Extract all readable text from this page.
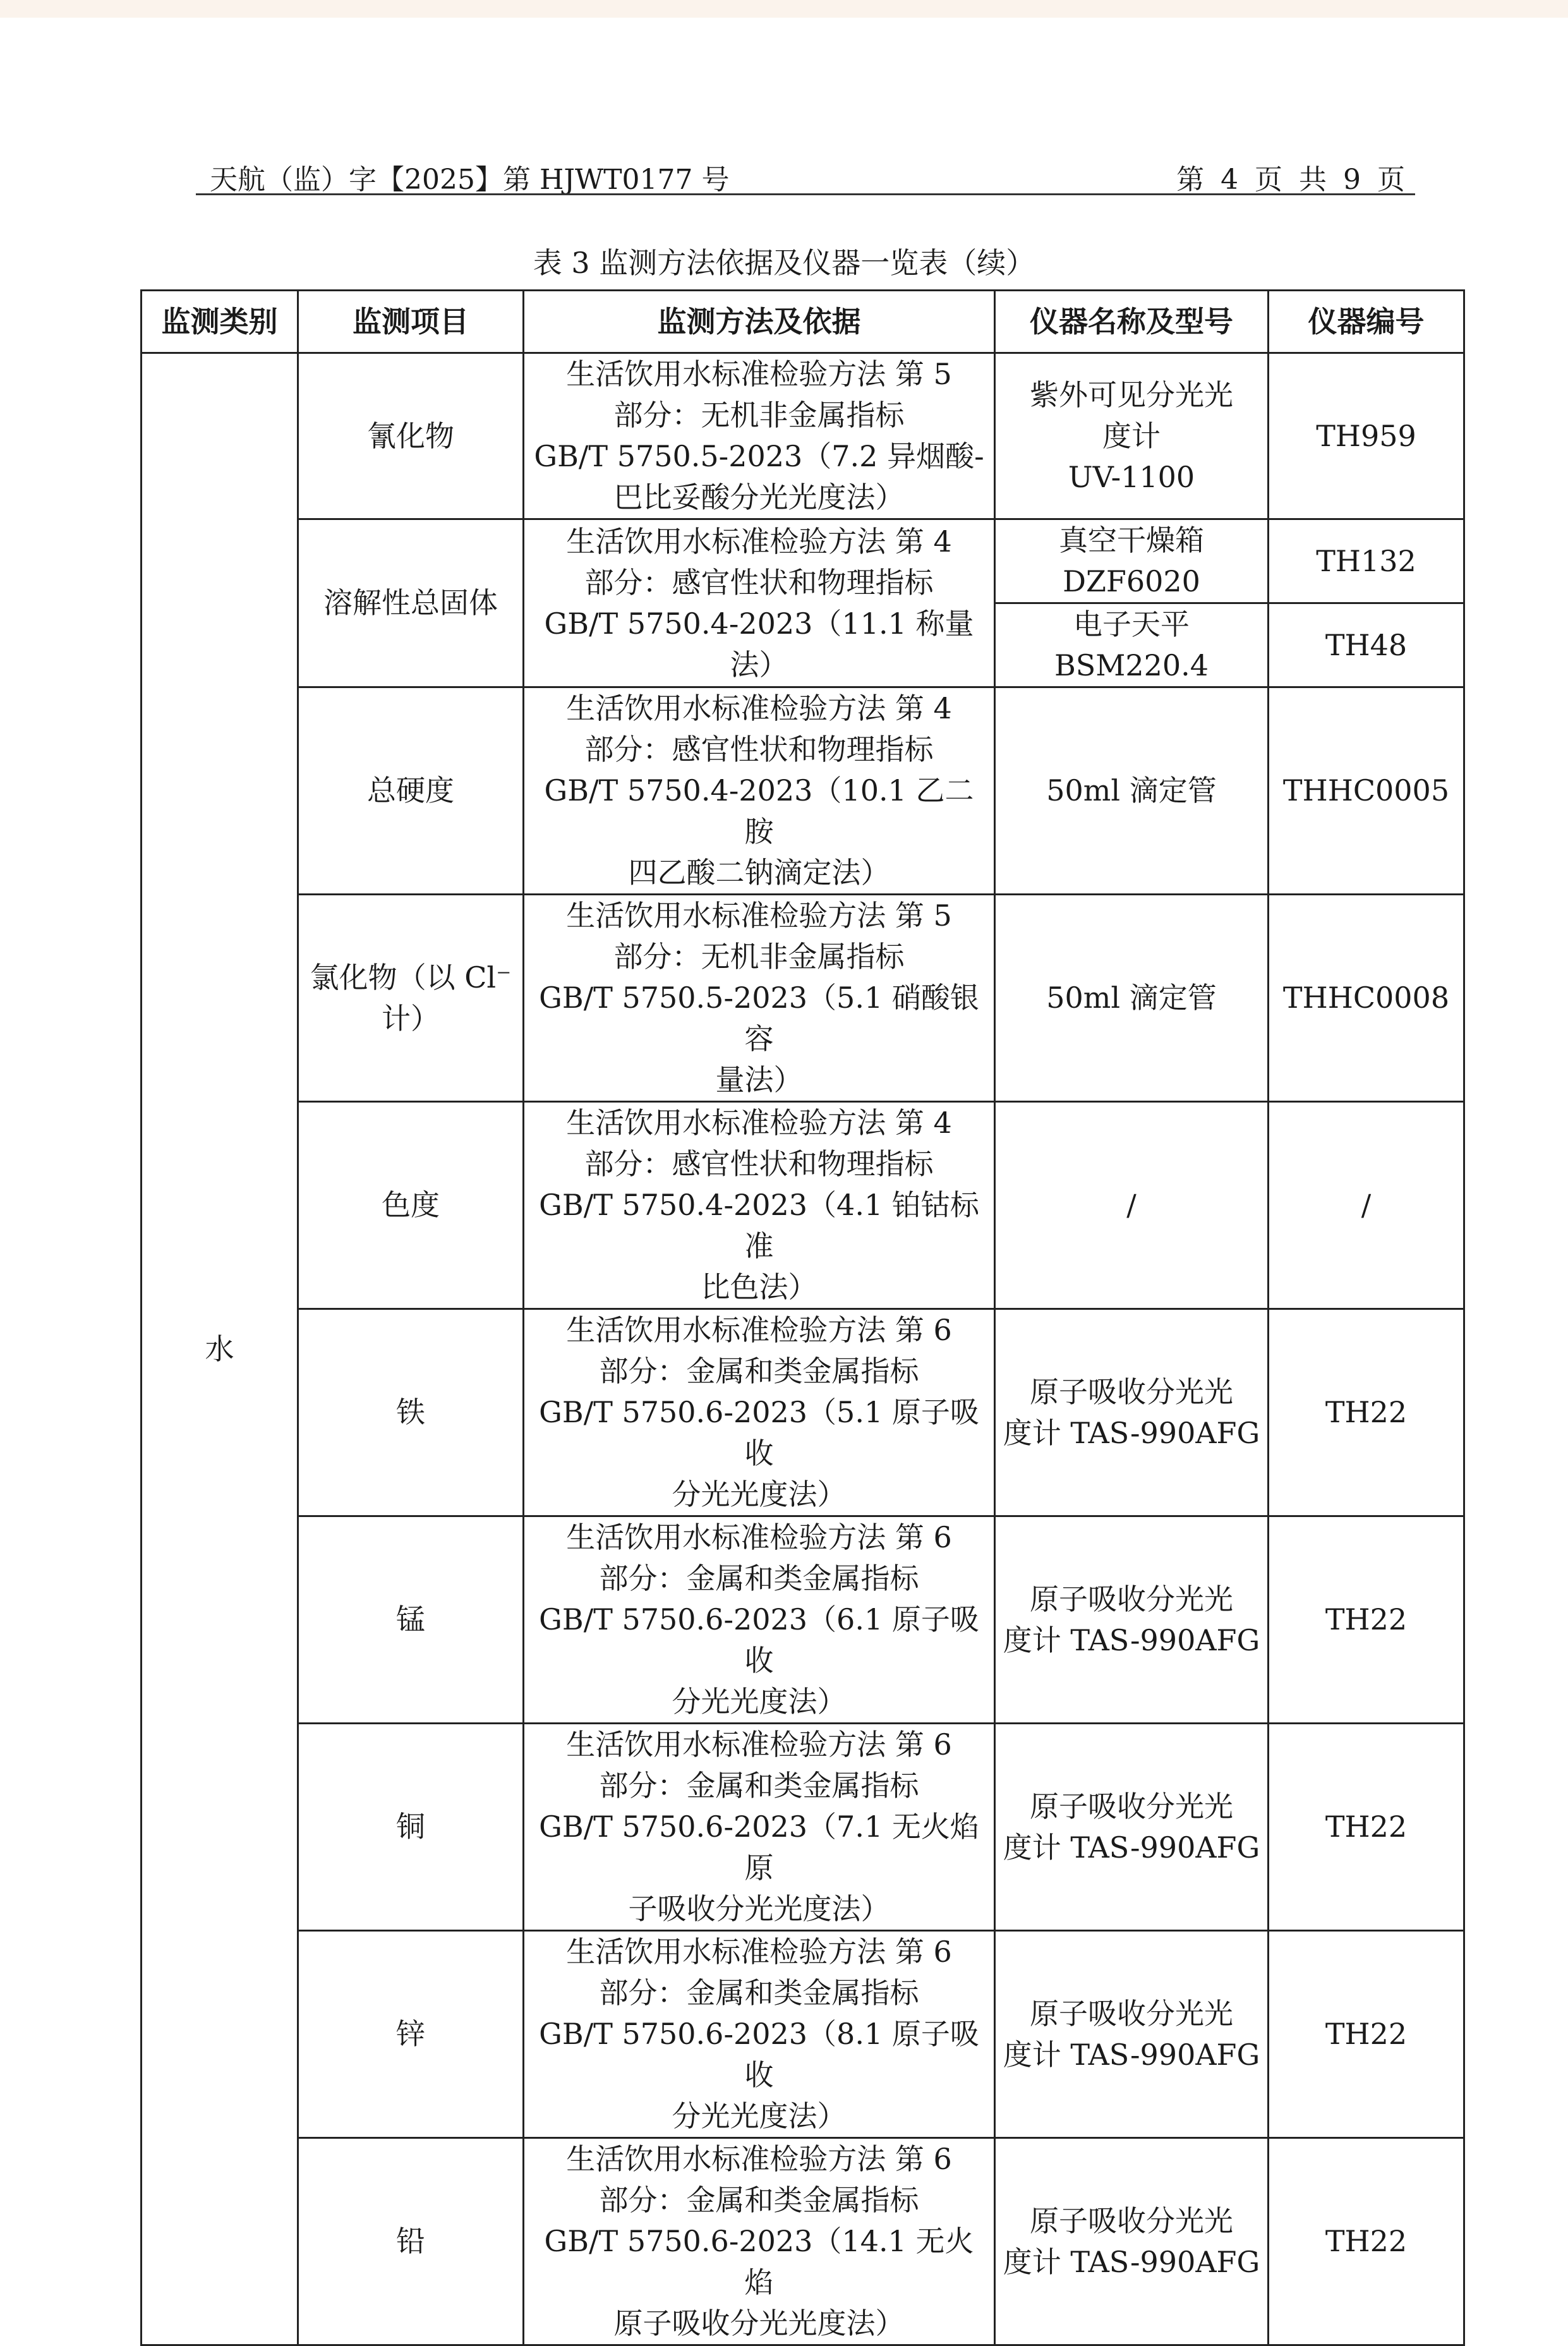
天航（监）字【2025】第 HJWT0177 号	第 4 页 共 9 页
表 3 监测方法依据及仪器一览表（续）
监测类别	监测项目	监测方法及依据	仪器名称及型号	仪器编号
水	氰化物	生活饮用水标准检验方法 第 5
部分：无机非金属指标
GB/T 5750.5-2023（7.2 异烟酸-
巴比妥酸分光光度法）	紫外可见分光光
度计
UV-1100	TH959
	溶解性总固体	生活饮用水标准检验方法 第 4
部分：感官性状和物理指标
GB/T 5750.4-2023（11.1 称量法）	真空干燥箱
DZF6020	TH132

			电子天平
BSM220.4	TH48
	总硬度	生活饮用水标准检验方法 第 4
部分：感官性状和物理指标
GB/T 5750.4-2023（10.1 乙二胺
四乙酸二钠滴定法）	50ml 滴定管	THHC0005
	氯化物（以 Cl⁻计）	生活饮用水标准检验方法 第 5
部分：无机非金属指标
GB/T 5750.5-2023（5.1 硝酸银容
量法）	50ml 滴定管	THHC0008
	色度	生活饮用水标准检验方法 第 4
部分：感官性状和物理指标
GB/T 5750.4-2023（4.1 铂钴标准
比色法）	/	/
	铁	生活饮用水标准检验方法 第 6
部分：金属和类金属指标
GB/T 5750.6-2023（5.1 原子吸收
分光光度法）	原子吸收分光光
度计 TAS-990AFG	TH22
	锰	生活饮用水标准检验方法 第 6
部分：金属和类金属指标
GB/T 5750.6-2023（6.1 原子吸收
分光光度法）	原子吸收分光光
度计 TAS-990AFG	TH22
	铜	生活饮用水标准检验方法 第 6
部分：金属和类金属指标
GB/T 5750.6-2023（7.1 无火焰原
子吸收分光光度法）	原子吸收分光光
度计 TAS-990AFG	TH22
	锌	生活饮用水标准检验方法 第 6
部分：金属和类金属指标
GB/T 5750.6-2023（8.1 原子吸收
分光光度法）	原子吸收分光光
度计 TAS-990AFG	TH22
	铅	生活饮用水标准检验方法 第 6
部分：金属和类金属指标
GB/T 5750.6-2023（14.1 无火焰
原子吸收分光光度法）	原子吸收分光光
度计 TAS-990AFG	TH22
